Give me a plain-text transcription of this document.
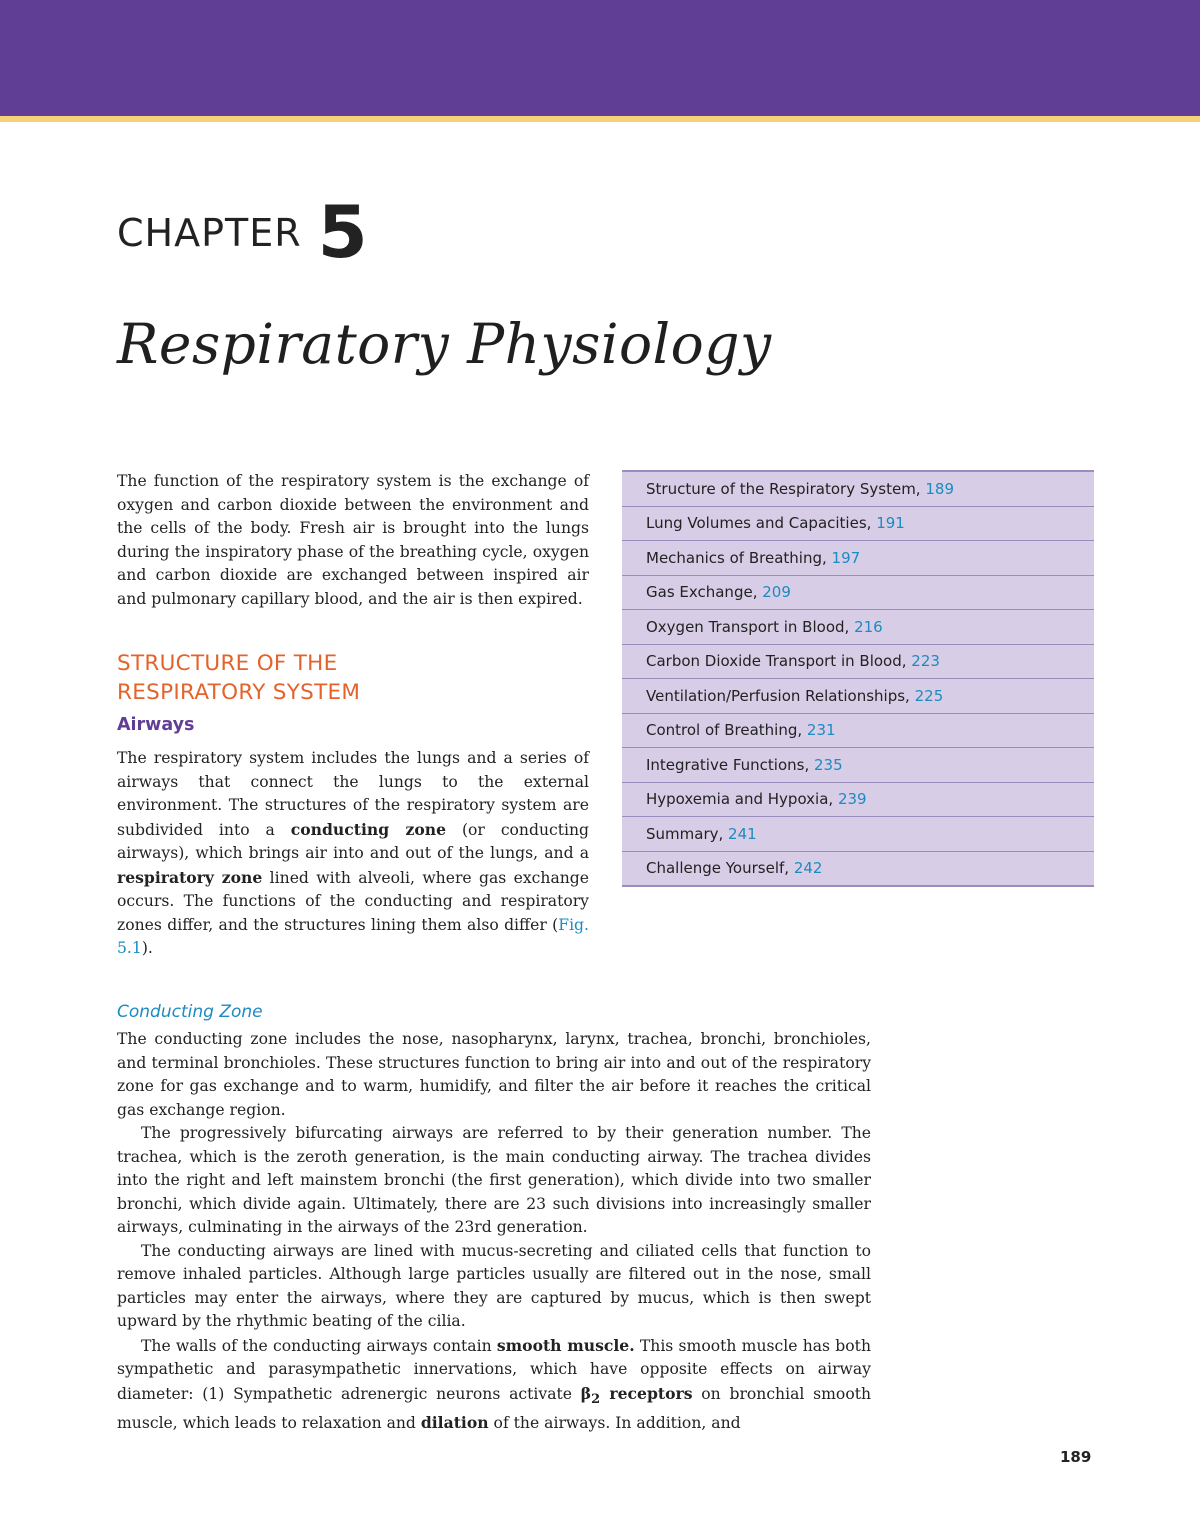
CHAPTER 5
Respiratory Physiology

The function of the respiratory system is the exchange of oxygen and carbon dioxide between the environment and the cells of the body. Fresh air is brought into the lungs during the inspiratory phase of the breathing cycle, oxygen and carbon dioxide are exchanged between inspired air and pulmonary capillary blood, and the air is then expired.

STRUCTURE OF THE
RESPIRATORY SYSTEM
Airways

The respiratory system includes the lungs and a series of airways that connect the lungs to the external environment. The structures of the respiratory system are subdivided into a conducting zone (or conducting airways), which brings air into and out of the lungs, and a respiratory zone lined with alveoli, where gas exchange occurs. The functions of the conducting and respiratory zones differ, and the structures lining them also differ (Fig. 5.1).

Structure of the Respiratory System,
189
Lung Volumes and Capacities,
191
Mechanics of Breathing,
197
Gas Exchange,
209
Oxygen Transport in Blood,
216
Carbon Dioxide Transport in Blood,
223
Ventilation/Perfusion Relationships,
225
Control of Breathing,
231
Integrative Functions,
235
Hypoxemia and Hypoxia,
239
Summary,
241
Challenge Yourself,
242
Conducting Zone

The conducting zone includes the nose, nasopharynx, larynx, trachea, bronchi, bronchioles, and terminal bronchioles. These structures function to bring air into and out of the respiratory zone for gas exchange and to warm, humidify, and filter the air before it reaches the critical gas exchange region.

The progressively bifurcating airways are referred to by their generation number. The trachea, which is the zeroth generation, is the main conducting airway. The trachea divides into the right and left mainstem bronchi (the first generation), which divide into two smaller bronchi, which divide again. Ultimately, there are 23 such divisions into increasingly smaller airways, culminating in the airways of the 23rd generation.

The conducting airways are lined with mucus-secreting and ciliated cells that function to remove inhaled particles. Although large particles usually are filtered out in the nose, small particles may enter the airways, where they are captured by mucus, which is then swept upward by the rhythmic beating of the cilia.

The walls of the conducting airways contain smooth muscle. This smooth muscle has both sympathetic and parasympathetic innervations, which have opposite effects on airway diameter: (1) Sympathetic adrenergic neurons activate $\beta_2$ receptors on bronchial smooth muscle, which leads to relaxation and dilation of the airways. In addition, and

189
